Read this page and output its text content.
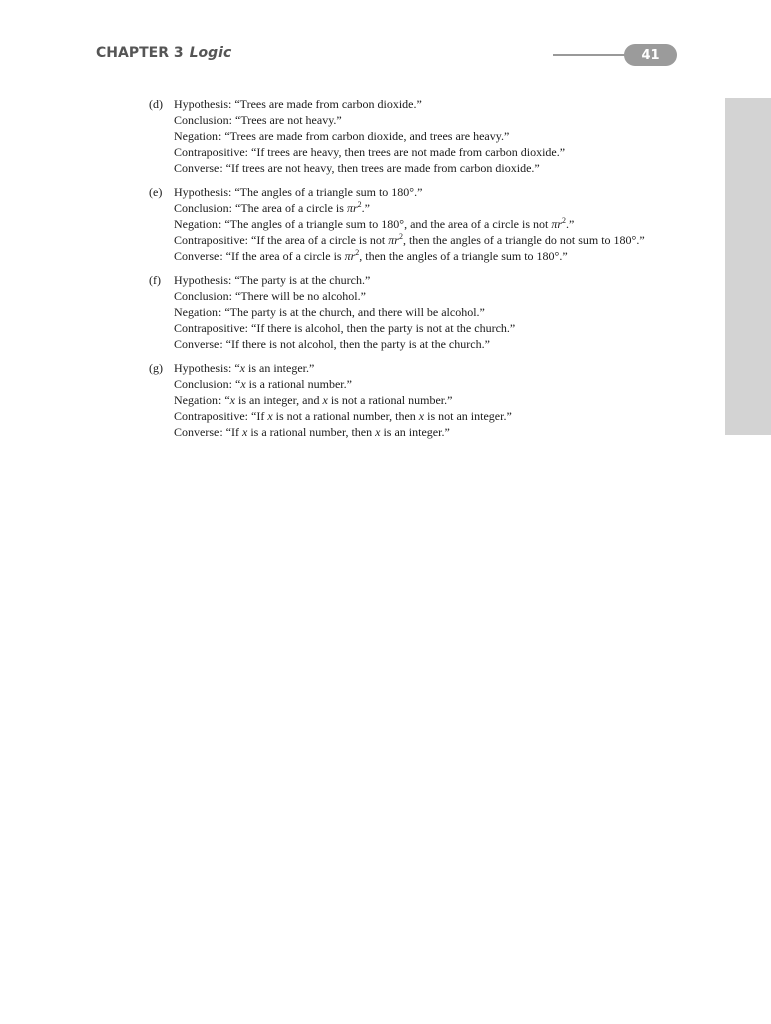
CHAPTER 3 Logic	41
(d) Hypothesis: “Trees are made from carbon dioxide.”
Conclusion: “Trees are not heavy.”
Negation: “Trees are made from carbon dioxide, and trees are heavy.”
Contrapositive: “If trees are heavy, then trees are not made from carbon dioxide.”
Converse: “If trees are not heavy, then trees are made from carbon dioxide.”
(e) Hypothesis: “The angles of a triangle sum to 180°.”
Conclusion: “The area of a circle is $\pi r^2$.”
Negation: “The angles of a triangle sum to 180°, and the area of a circle is not $\pi r^2$.”
Contrapositive: “If the area of a circle is not $\pi r^2$, then the angles of a triangle do not sum to 180°.”
Converse: “If the area of a circle is $\pi r^2$, then the angles of a triangle sum to 180°.”
(f) Hypothesis: “The party is at the church.”
Conclusion: “There will be no alcohol.”
Negation: “The party is at the church, and there will be alcohol.”
Contrapositive: “If there is alcohol, then the party is not at the church.”
Converse: “If there is not alcohol, then the party is at the church.”
(g) Hypothesis: “x is an integer.”
Conclusion: “x is a rational number.”
Negation: “x is an integer, and x is not a rational number.”
Contrapositive: “If x is not a rational number, then x is not an integer.”
Converse: “If x is a rational number, then x is an integer.”
